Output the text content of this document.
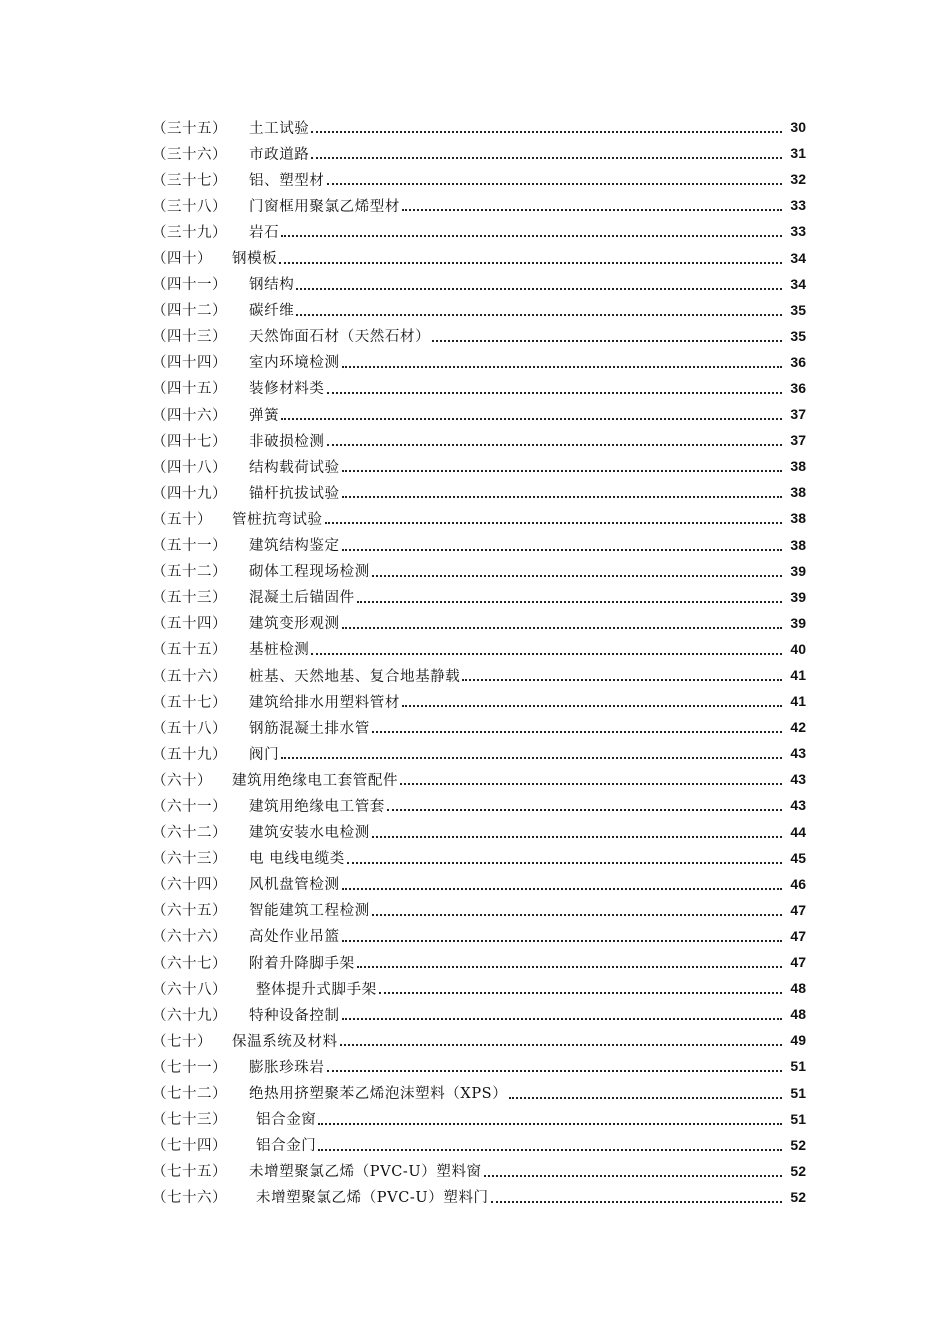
（三十五）	土工试验	30
（三十六）	市政道路	31
（三十七）	铝、塑型材	32
（三十八）	门窗框用聚氯乙烯型材	33
（三十九）	岩石	33
（四十）	钢模板	34
（四十一）	钢结构	34
（四十二）	碳纤维	35
（四十三）	天然饰面石材（天然石材）	35
（四十四）	室内环境检测	36
（四十五）	装修材料类	36
（四十六）	弹簧	37
（四十七）	非破损检测	37
（四十八）	结构载荷试验	38
（四十九）	锚杆抗拔试验	38
（五十）	管桩抗弯试验	38
（五十一）	建筑结构鉴定	38
（五十二）	砌体工程现场检测	39
（五十三）	混凝土后锚固件	39
（五十四）	建筑变形观测	39
（五十五）	基桩检测	40
（五十六）	桩基、天然地基、复合地基静载	41
（五十七）	建筑给排水用塑料管材	41
（五十八）	钢筋混凝土排水管	42
（五十九）	阀门	43
（六十）	建筑用绝缘电工套管配件	43
（六十一）	建筑用绝缘电工管套	43
（六十二）	建筑安装水电检测	44
（六十三）	电 电线电缆类	45
（六十四）	风机盘管检测	46
（六十五）	智能建筑工程检测	47
（六十六）	高处作业吊篮	47
（六十七）	附着升降脚手架	47
（六十八）	整体提升式脚手架	48
（六十九）	特种设备控制	48
（七十）	保温系统及材料	49
（七十一）	膨胀珍珠岩	51
（七十二）	绝热用挤塑聚苯乙烯泡沫塑料（XPS）	51
（七十三）	铝合金窗	51
（七十四）	铝合金门	52
（七十五）	未增塑聚氯乙烯（PVC-U）塑料窗	52
（七十六）	未增塑聚氯乙烯（PVC-U）塑料门	52
